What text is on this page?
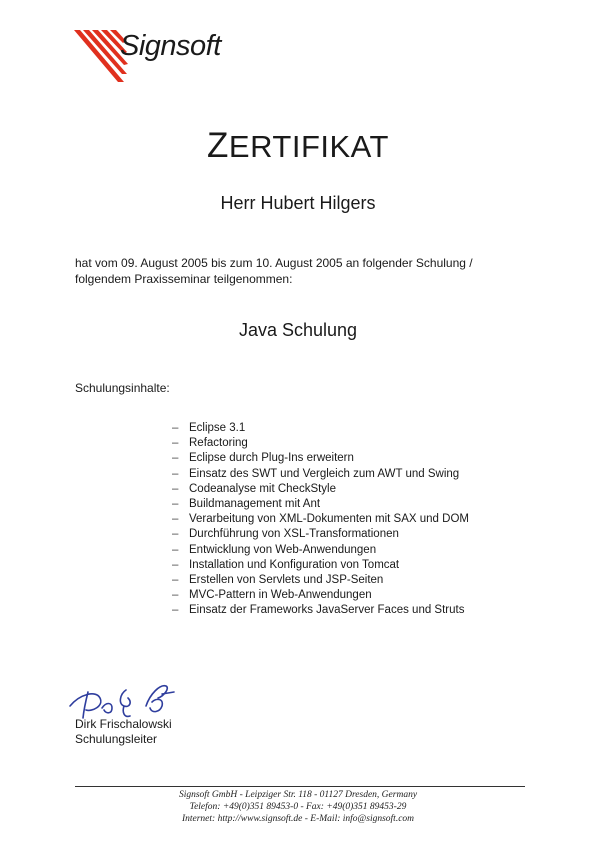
Signsoft
ZERTIFIKAT
Herr Hubert Hilgers
hat vom 09. August 2005 bis zum 10. August 2005 an folgender Schulung / folgendem Praxisseminar teilgenommen:
Java Schulung
Schulungsinhalte:
– Eclipse 3.1
– Refactoring
– Eclipse durch Plug-Ins erweitern
– Einsatz des SWT und Vergleich zum AWT und Swing
– Codeanalyse mit CheckStyle
– Buildmanagement mit Ant
– Verarbeitung von XML-Dokumenten mit SAX und DOM
– Durchführung von XSL-Transformationen
– Entwicklung von Web-Anwendungen
– Installation und Konfiguration von Tomcat
– Erstellen von Servlets und JSP-Seiten
– MVC-Pattern in Web-Anwendungen
– Einsatz der Frameworks JavaServer Faces und Struts
Dirk Frischalowski
Schulungsleiter
Signsoft GmbH - Leipziger Str. 118 - 01127 Dresden, Germany
Telefon: +49(0)351 89453-0 - Fax: +49(0)351 89453-29
Internet: http://www.signsoft.de - E-Mail: info@signsoft.com
